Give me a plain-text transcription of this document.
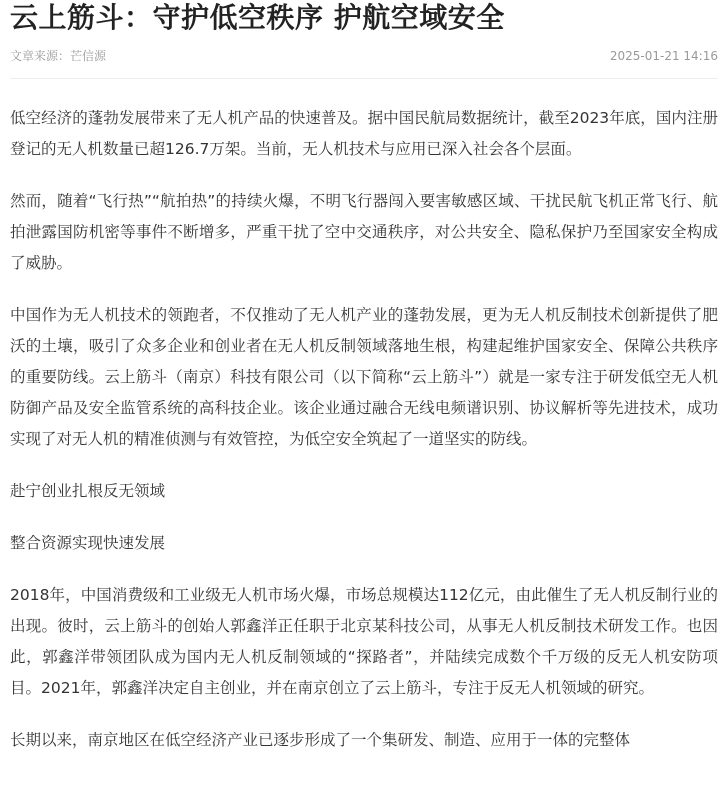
云上筋斗：守护低空秩序 护航空域安全
文章来源：芒信源	2025-01-21 14:16

低空经济的蓬勃发展带来了无人机产品的快速普及。据中国民航局数据统计，截至2023年底，国内注册登记的无人机数量已超126.7万架。当前，无人机技术与应用已深入社会各个层面。

然而，随着“飞行热”“航拍热”的持续火爆，不明飞行器闯入要害敏感区域、干扰民航飞机正常飞行、航拍泄露国防机密等事件不断增多，严重干扰了空中交通秩序，对公共安全、隐私保护乃至国家安全构成了威胁。

中国作为无人机技术的领跑者，不仅推动了无人机产业的蓬勃发展，更为无人机反制技术创新提供了肥沃的土壤，吸引了众多企业和创业者在无人机反制领域落地生根，构建起维护国家安全、保障公共秩序的重要防线。云上筋斗（南京）科技有限公司（以下简称“云上筋斗”）就是一家专注于研发低空无人机防御产品及安全监管系统的高科技企业。该企业通过融合无线电频谱识别、协议解析等先进技术，成功实现了对无人机的精准侦测与有效管控，为低空安全筑起了一道坚实的防线。

赴宁创业扎根反无领域

整合资源实现快速发展

2018年，中国消费级和工业级无人机市场火爆，市场总规模达112亿元，由此催生了无人机反制行业的出现。彼时，云上筋斗的创始人郭鑫洋正任职于北京某科技公司，从事无人机反制技术研发工作。也因此，郭鑫洋带领团队成为国内无人机反制领域的“探路者”，并陆续完成数个千万级的反无人机安防项目。2021年，郭鑫洋决定自主创业，并在南京创立了云上筋斗，专注于反无人机领域的研究。

长期以来，南京地区在低空经济产业已逐步形成了一个集研发、制造、应用于一体的完整体
